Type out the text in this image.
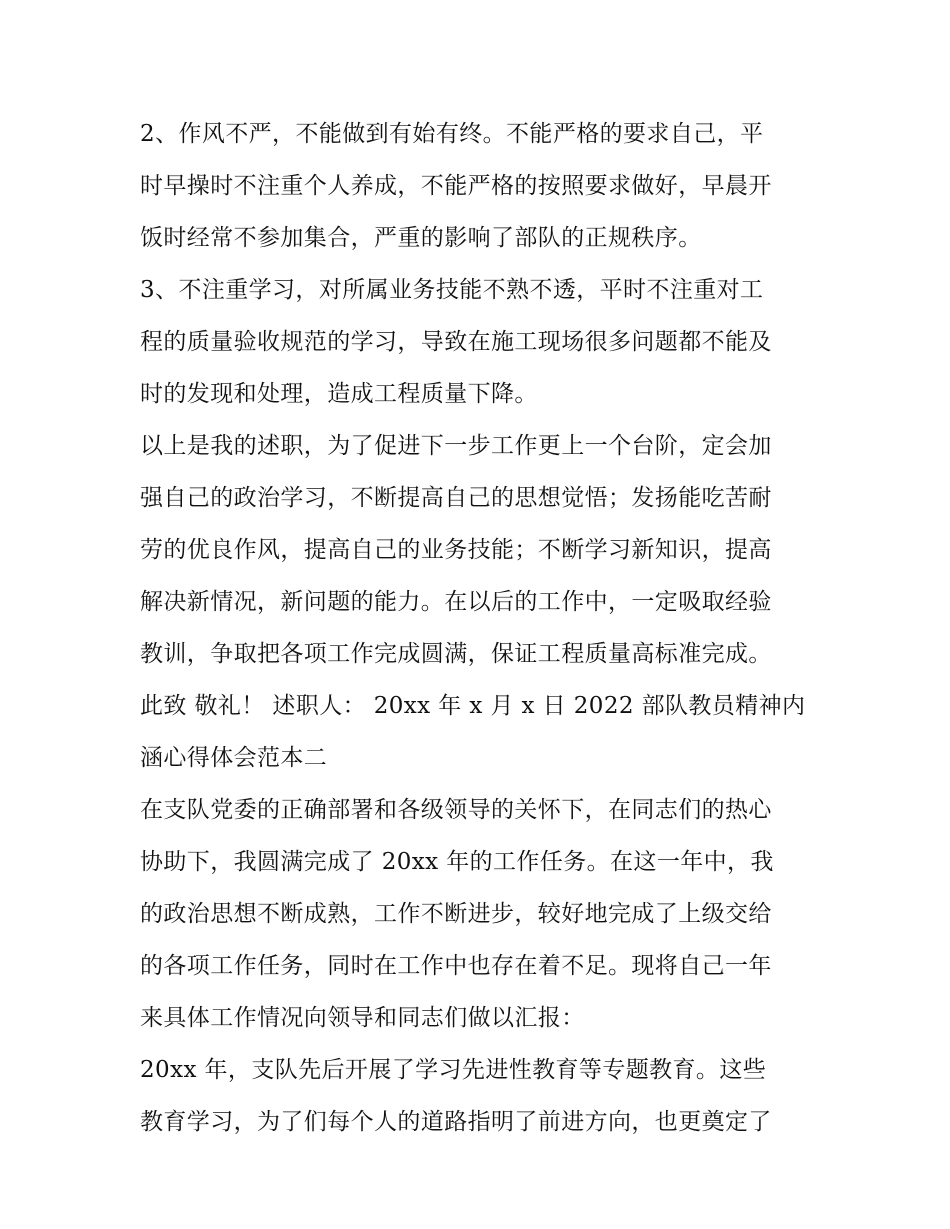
2、作风不严，不能做到有始有终。不能严格的要求自己，平
时早操时不注重个人养成，不能严格的按照要求做好，早晨开
饭时经常不参加集合，严重的影响了部队的正规秩序。

3、不注重学习，对所属业务技能不熟不透，平时不注重对工
程的质量验收规范的学习，导致在施工现场很多问题都不能及
时的发现和处理，造成工程质量下降。

以上是我的述职，为了促进下一步工作更上一个台阶，定会加
强自己的政治学习，不断提高自己的思想觉悟；发扬能吃苦耐
劳的优良作风，提高自己的业务技能；不断学习新知识，提高
解决新情况，新问题的能力。在以后的工作中，一定吸取经验
教训，争取把各项工作完成圆满，保证工程质量高标准完成。
此致 敬礼！ 述职人： 20xx 年 x 月 x 日 2022 部队教员精神内
涵心得体会范本二

在支队党委的正确部署和各级领导的关怀下，在同志们的热心
协助下，我圆满完成了 20xx 年的工作任务。在这一年中，我
的政治思想不断成熟，工作不断进步，较好地完成了上级交给
的各项工作任务，同时在工作中也存在着不足。现将自己一年
来具体工作情况向领导和同志们做以汇报：

20xx 年，支队先后开展了学习先进性教育等专题教育。这些
教育学习，为了们每个人的道路指明了前进方向，也更奠定了
